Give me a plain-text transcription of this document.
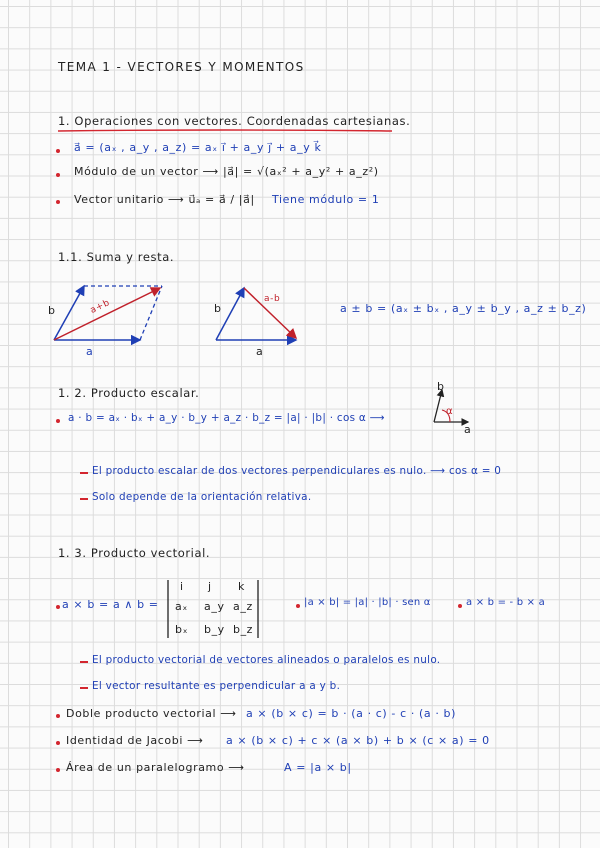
TEMA 1 - VECTORES Y MOMENTOS
1. Operaciones con vectores. Coordenadas cartesianas.
a⃗ = (aₓ , a_y , a_z) = aₓ i⃗ + a_y j⃗ + a_y k⃗
Módulo de un vector ⟶ |a⃗| = √(aₓ² + a_y² + a_z²)
Vector unitario ⟶ u⃗ₐ = a⃗ / |a⃗| Tiene módulo = 1
1.1. Suma y resta.
b
a
a+b	b
a
a-b
a ± b = (aₓ ± bₓ , a_y ± b_y , a_z ± b_z)
1. 2. Producto escalar.
a · b = aₓ · bₓ + a_y · b_y + a_z · b_z = |a| · |b| · cos α ⟶
b
a
α
El producto escalar de dos vectores perpendiculares es nulo. ⟶ cos α = 0
Solo depende de la orientación relativa.
1. 3. Producto vectorial.
a × b = a ∧ b =
i j k
aₓ a_y a_z
bₓ b_y b_z
|a × b| = |a| · |b| · sen α	a × b = - b × a
El producto vectorial de vectores alineados o paralelos es nulo.
El vector resultante es perpendicular a a y b.
Doble producto vectorial ⟶ a × (b × c) = b · (a · c) - c · (a · b)
Identidad de Jacobi ⟶ a × (b × c) + c × (a × b) + b × (c × a) = 0
Área de un paralelogramo ⟶	A = |a × b|
